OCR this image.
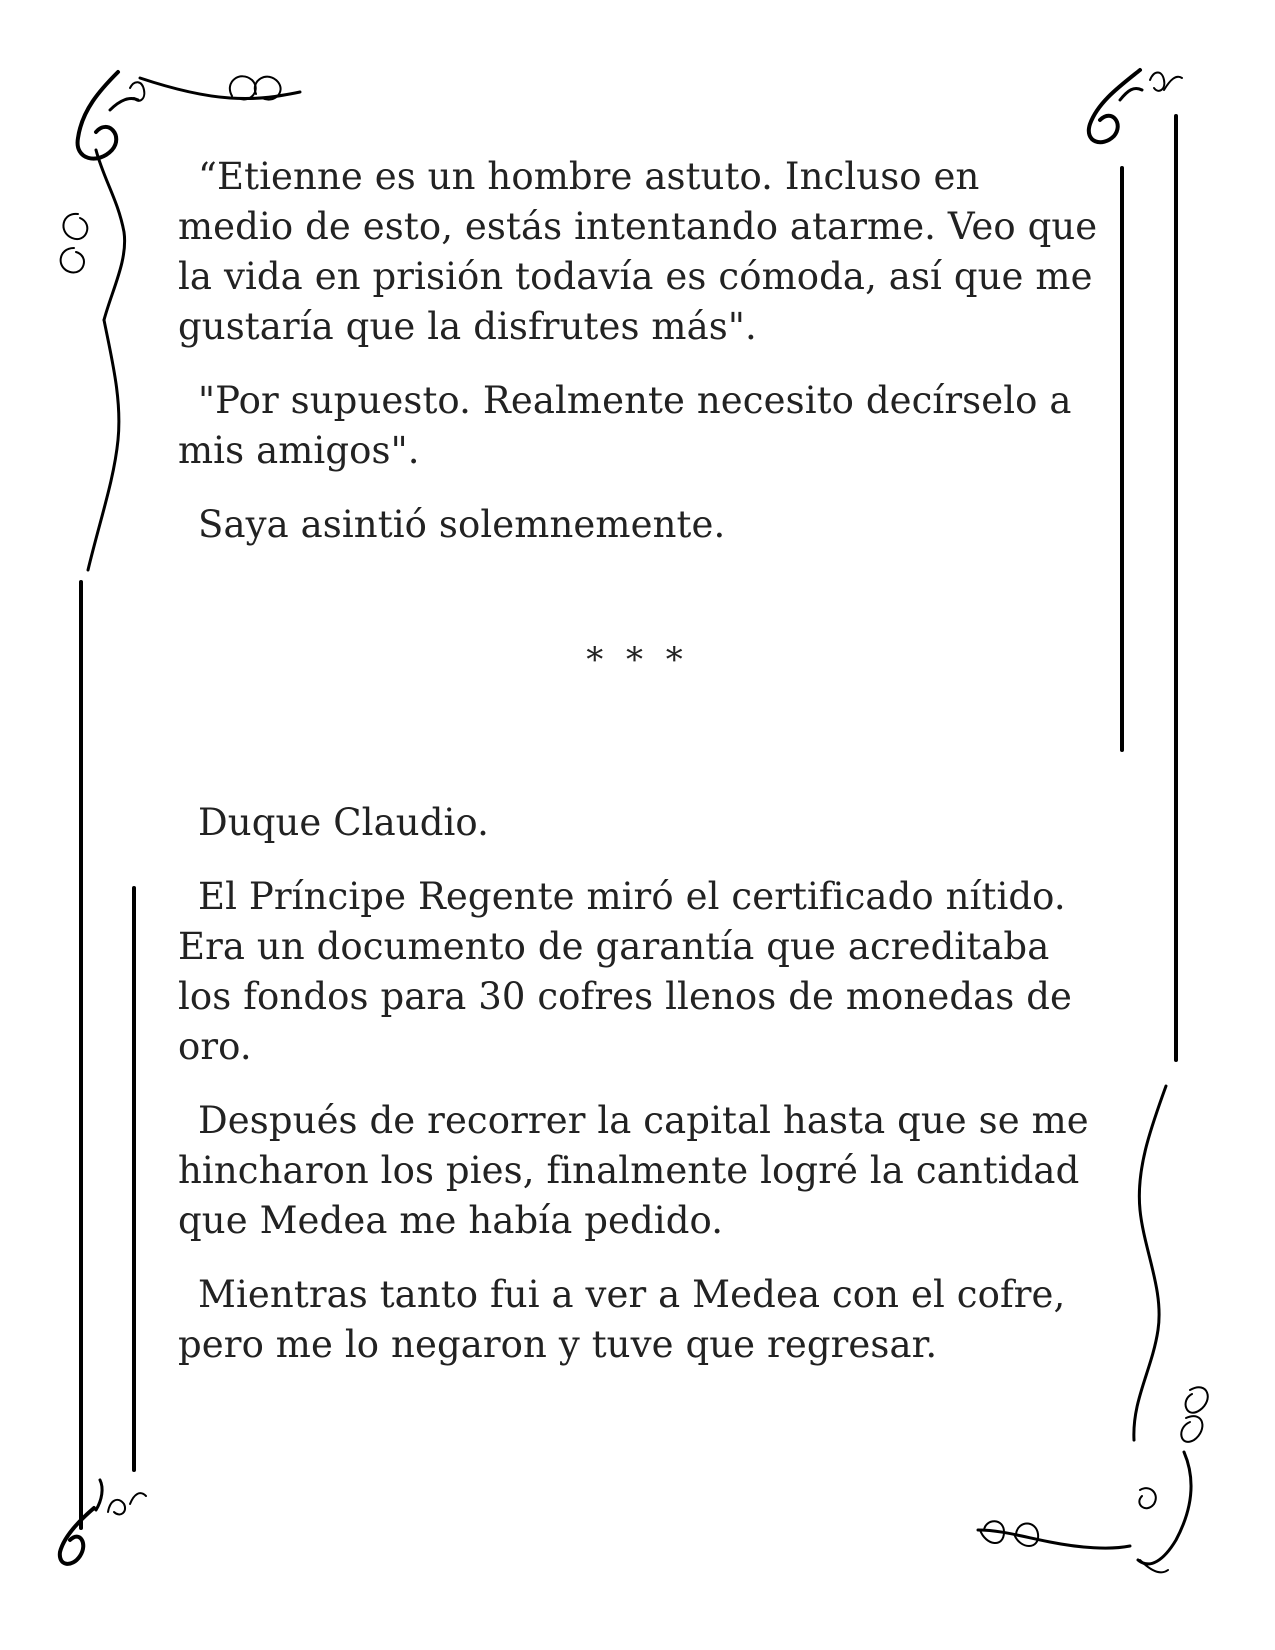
“Etienne es un hombre astuto. Incluso en medio de esto, estás intentando atarme. Veo que la vida en prisión todavía es cómoda, así que me gustaría que la disfrutes más".

"Por supuesto. Realmente necesito decírselo a mis amigos".

Saya asintió solemnemente.

* * *

Duque Claudio.

El Príncipe Regente miró el certificado nítido. Era un documento de garantía que acreditaba los fondos para 30 cofres llenos de monedas de oro.

Después de recorrer la capital hasta que se me hincharon los pies, finalmente logré la cantidad que Medea me había pedido.

Mientras tanto fui a ver a Medea con el cofre, pero me lo negaron y tuve que regresar.
